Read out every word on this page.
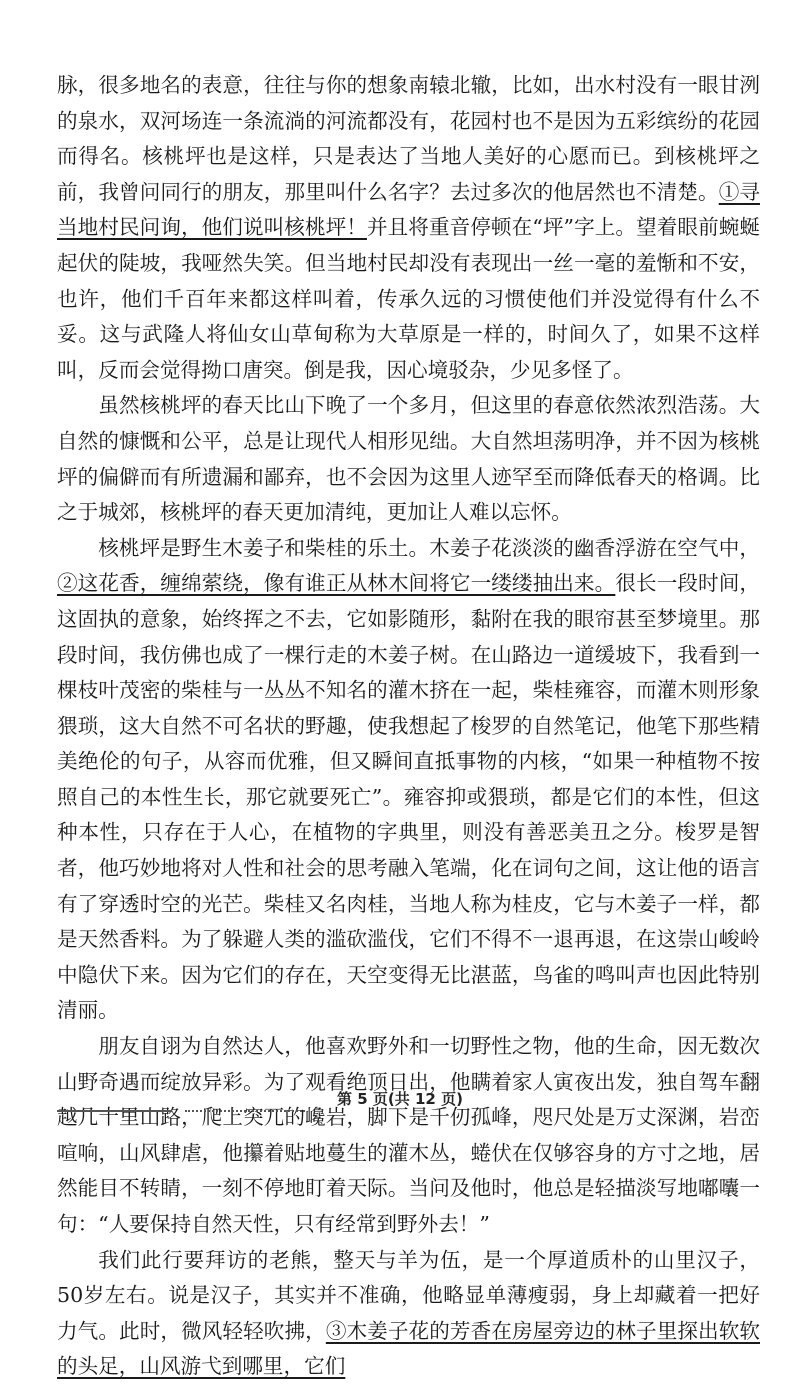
脉，很多地名的表意，往往与你的想象南辕北辙，比如，出水村没有一眼甘洌的泉水，双河场连一条流淌的河流都没有，花园村也不是因为五彩缤纷的花园而得名。核桃坪也是这样，只是表达了当地人美好的心愿而已。到核桃坪之前，我曾问同行的朋友，那里叫什么名字？去过多次的他居然也不清楚。①寻当地村民问询，他们说叫核桃坪！并且将重音停顿在“坪”字上。望着眼前蜿蜒起伏的陡坡，我哑然失笑。但当地村民却没有表现出一丝一毫的羞惭和不安，也许，他们千百年来都这样叫着，传承久远的习惯使他们并没觉得有什么不妥。这与武隆人将仙女山草甸称为大草原是一样的，时间久了，如果不这样叫，反而会觉得拗口唐突。倒是我，因心境驳杂，少见多怪了。

虽然核桃坪的春天比山下晚了一个多月，但这里的春意依然浓烈浩荡。大自然的慷慨和公平，总是让现代人相形见绌。大自然坦荡明净，并不因为核桃坪的偏僻而有所遗漏和鄙弃，也不会因为这里人迹罕至而降低春天的格调。比之于城郊，核桃坪的春天更加清纯，更加让人难以忘怀。

核桃坪是野生木姜子和柴桂的乐土。木姜子花淡淡的幽香浮游在空气中，②这花香，缠绵萦绕，像有谁正从林木间将它一缕缕抽出来。很长一段时间，这固执的意象，始终挥之不去，它如影随形，黏附在我的眼帘甚至梦境里。那段时间，我仿佛也成了一棵行走的木姜子树。在山路边一道缓坡下，我看到一棵枝叶茂密的柴桂与一丛丛不知名的灌木挤在一起，柴桂雍容，而灌木则形象猥琐，这大自然不可名状的野趣，使我想起了梭罗的自然笔记，他笔下那些精美绝伦的句子，从容而优雅，但又瞬间直抵事物的内核，“如果一种植物不按照自己的本性生长，那它就要死亡”。雍容抑或猥琐，都是它们的本性，但这种本性，只存在于人心，在植物的字典里，则没有善恶美丑之分。梭罗是智者，他巧妙地将对人性和社会的思考融入笔端，化在词句之间，这让他的语言有了穿透时空的光芒。柴桂又名肉桂，当地人称为桂皮，它与木姜子一样，都是天然香料。为了躲避人类的滥砍滥伐，它们不得不一退再退，在这崇山峻岭中隐伏下来。因为它们的存在，天空变得无比湛蓝，鸟雀的鸣叫声也因此特别清丽。

朋友自诩为自然达人，他喜欢野外和一切野性之物，他的生命，因无数次山野奇遇而绽放异彩。为了观看绝顶日出，他瞒着家人寅夜出发，独自驾车翻越几十里山路，爬上突兀的巉岩，脚下是千仞孤峰，咫尺处是万丈深渊，岩峦喧响，山风肆虐，他攥着贴地蔓生的灌木丛，蜷伏在仅够容身的方寸之地，居然能目不转睛，一刻不停地盯着天际。当问及他时，他总是轻描淡写地嘟囔一句：“人要保持自然天性，只有经常到野外去！”

我们此行要拜访的老熊，整天与羊为伍，是一个厚道质朴的山里汉子，50岁左右。说是汉子，其实并不准确，他略显单薄瘦弱，身上却藏着一把好力气。此时，微风轻轻吹拂，③木姜子花的芳香在房屋旁边的林子里探出软软的头足，山风游弋到哪里，它们

第 5 页(共 12 页)
